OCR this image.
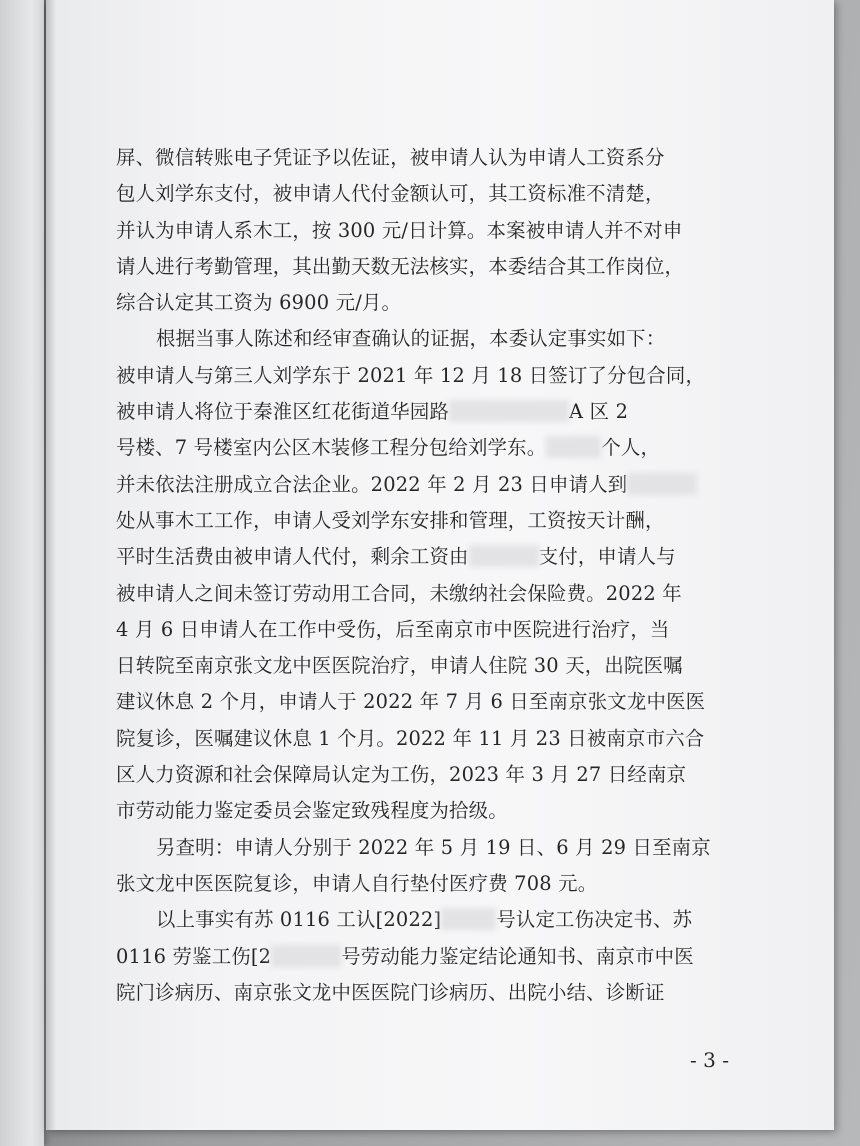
屏、微信转账电子凭证予以佐证，被申请人认为申请人工资系分
包人刘学东支付，被申请人代付金额认可，其工资标准不清楚，
并认为申请人系木工，按 300 元/日计算。本案被申请人并不对申
请人进行考勤管理，其出勤天数无法核实，本委结合其工作岗位，
综合认定其工资为 6900 元/月。
根据当事人陈述和经审查确认的证据，本委认定事实如下：
被申请人与第三人刘学东于 2021 年 12 月 18 日签订了分包合同，
被申请人将位于秦淮区红花街道华园路	A 区 2
号楼、7 号楼室内公区木装修工程分包给刘学东。	个人，
并未依法注册成立合法企业。2022 年 2 月 23 日申请人到
处从事木工工作，申请人受刘学东安排和管理，工资按天计酬，
平时生活费由被申请人代付，剩余工资由	支付，申请人与
被申请人之间未签订劳动用工合同，未缴纳社会保险费。2022 年
4 月 6 日申请人在工作中受伤，后至南京市中医院进行治疗，当
日转院至南京张文龙中医医院治疗，申请人住院 30 天，出院医嘱
建议休息 2 个月，申请人于 2022 年 7 月 6 日至南京张文龙中医医
院复诊，医嘱建议休息 1 个月。2022 年 11 月 23 日被南京市六合
区人力资源和社会保障局认定为工伤，2023 年 3 月 27 日经南京
市劳动能力鉴定委员会鉴定致残程度为拾级。
另查明：申请人分别于 2022 年 5 月 19 日、6 月 29 日至南京
张文龙中医医院复诊，申请人自行垫付医疗费 708 元。
以上事实有苏 0116 工认[2022]	号认定工伤决定书、苏
0116 劳鉴工伤[2	号劳动能力鉴定结论通知书、南京市中医
院门诊病历、南京张文龙中医医院门诊病历、出院小结、诊断证
- 3 -
